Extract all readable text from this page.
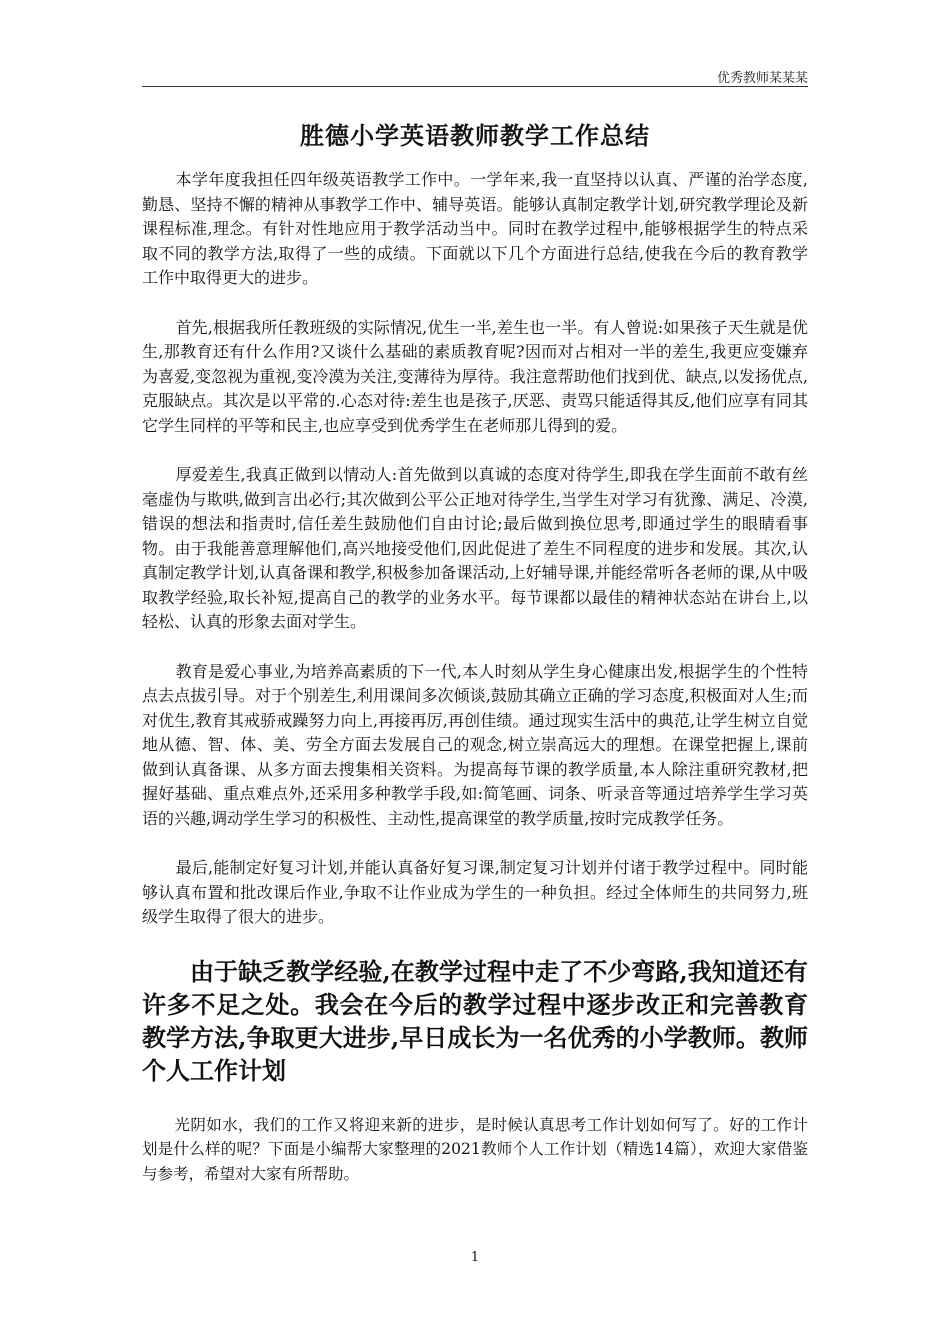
优秀教师某某某
胜德小学英语教师教学工作总结

本学年度我担任四年级英语教学工作中。一学年来,我一直坚持以认真、严谨的治学态度,勤恳、坚持不懈的精神从事教学工作中、辅导英语。能够认真制定教学计划,研究教学理论及新课程标准,理念。有针对性地应用于教学活动当中。同时在教学过程中,能够根据学生的特点采取不同的教学方法,取得了一些的成绩。下面就以下几个方面进行总结,使我在今后的教育教学工作中取得更大的进步。

首先,根据我所任教班级的实际情况,优生一半,差生也一半。有人曾说:如果孩子天生就是优生,那教育还有什么作用?又谈什么基础的素质教育呢?因而对占相对一半的差生,我更应变嫌弃为喜爱,变忽视为重视,变冷漠为关注,变薄待为厚待。我注意帮助他们找到优、缺点,以发扬优点,克服缺点。其次是以平常的.心态对待:差生也是孩子,厌恶、责骂只能适得其反,他们应享有同其它学生同样的平等和民主,也应享受到优秀学生在老师那儿得到的爱。

厚爱差生,我真正做到以情动人:首先做到以真诚的态度对待学生,即我在学生面前不敢有丝毫虚伪与欺哄,做到言出必行;其次做到公平公正地对待学生,当学生对学习有犹豫、满足、冷漠,错误的想法和指责时,信任差生鼓励他们自由讨论;最后做到换位思考,即通过学生的眼睛看事物。由于我能善意理解他们,高兴地接受他们,因此促进了差生不同程度的进步和发展。其次,认真制定教学计划,认真备课和教学,积极参加备课活动,上好辅导课,并能经常听各老师的课,从中吸取教学经验,取长补短,提高自己的教学的业务水平。每节课都以最佳的精神状态站在讲台上,以轻松、认真的形象去面对学生。

教育是爱心事业,为培养高素质的下一代,本人时刻从学生身心健康出发,根据学生的个性特点去点拔引导。对于个别差生,利用课间多次倾谈,鼓励其确立正确的学习态度,积极面对人生;而对优生,教育其戒骄戒躁努力向上,再接再厉,再创佳绩。通过现实生活中的典范,让学生树立自觉地从德、智、体、美、劳全方面去发展自己的观念,树立崇高远大的理想。在课堂把握上,课前做到认真备课、从多方面去搜集相关资料。为提高每节课的教学质量,本人除注重研究教材,把握好基础、重点难点外,还采用多种教学手段,如:简笔画、词条、听录音等通过培养学生学习英语的兴趣,调动学生学习的积极性、主动性,提高课堂的教学质量,按时完成教学任务。

最后,能制定好复习计划,并能认真备好复习课,制定复习计划并付诸于教学过程中。同时能够认真布置和批改课后作业,争取不让作业成为学生的一种负担。经过全体师生的共同努力,班级学生取得了很大的进步。

由于缺乏教学经验,在教学过程中走了不少弯路,我知道还有许多不足之处。我会在今后的教学过程中逐步改正和完善教育教学方法,争取更大进步,早日成长为一名优秀的小学教师。教师个人工作计划

光阴如水，我们的工作又将迎来新的进步，是时候认真思考工作计划如何写了。好的工作计划是什么样的呢？下面是小编帮大家整理的2021教师个人工作计划（精选14篇），欢迎大家借鉴与参考，希望对大家有所帮助。

1
